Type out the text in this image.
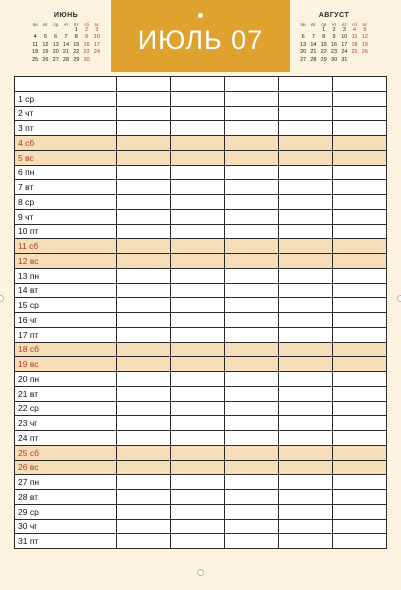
ИЮНЬ
пн	вт	ср	чт	пт	сб	вс
				1	2	3
4	5	6	7	8	9	10
11	12	13	14	15	16	17
18	19	20	21	22	23	24
25	26	27	28	29	30	
ИЮЛЬ 07
АВГУСТ
пн	вт	ср	чт	пт	сб	вс
		1	2	3	4	5
6	7	8	9	10	11	12
13	14	15	16	17	18	19
20	21	22	23	24	25	26
27	28	29	30	31		

1 ср					
2 чт					
3 пт					
4 сб					
5 вс					
6 пн					
7 вт					
8 ср					
9 чт					
10 пт					
11 сб					
12 вс					
13 пн					
14 вт					
15 ср					
16 чг					
17 пт					
18 сб					
19 вс					
20 пн					
21 вт					
22 ср					
23 чг					
24 пт					
25 сб					
26 вс					
27 пн					
28 вт					
29 ср					
30 чг					
31 пт					
